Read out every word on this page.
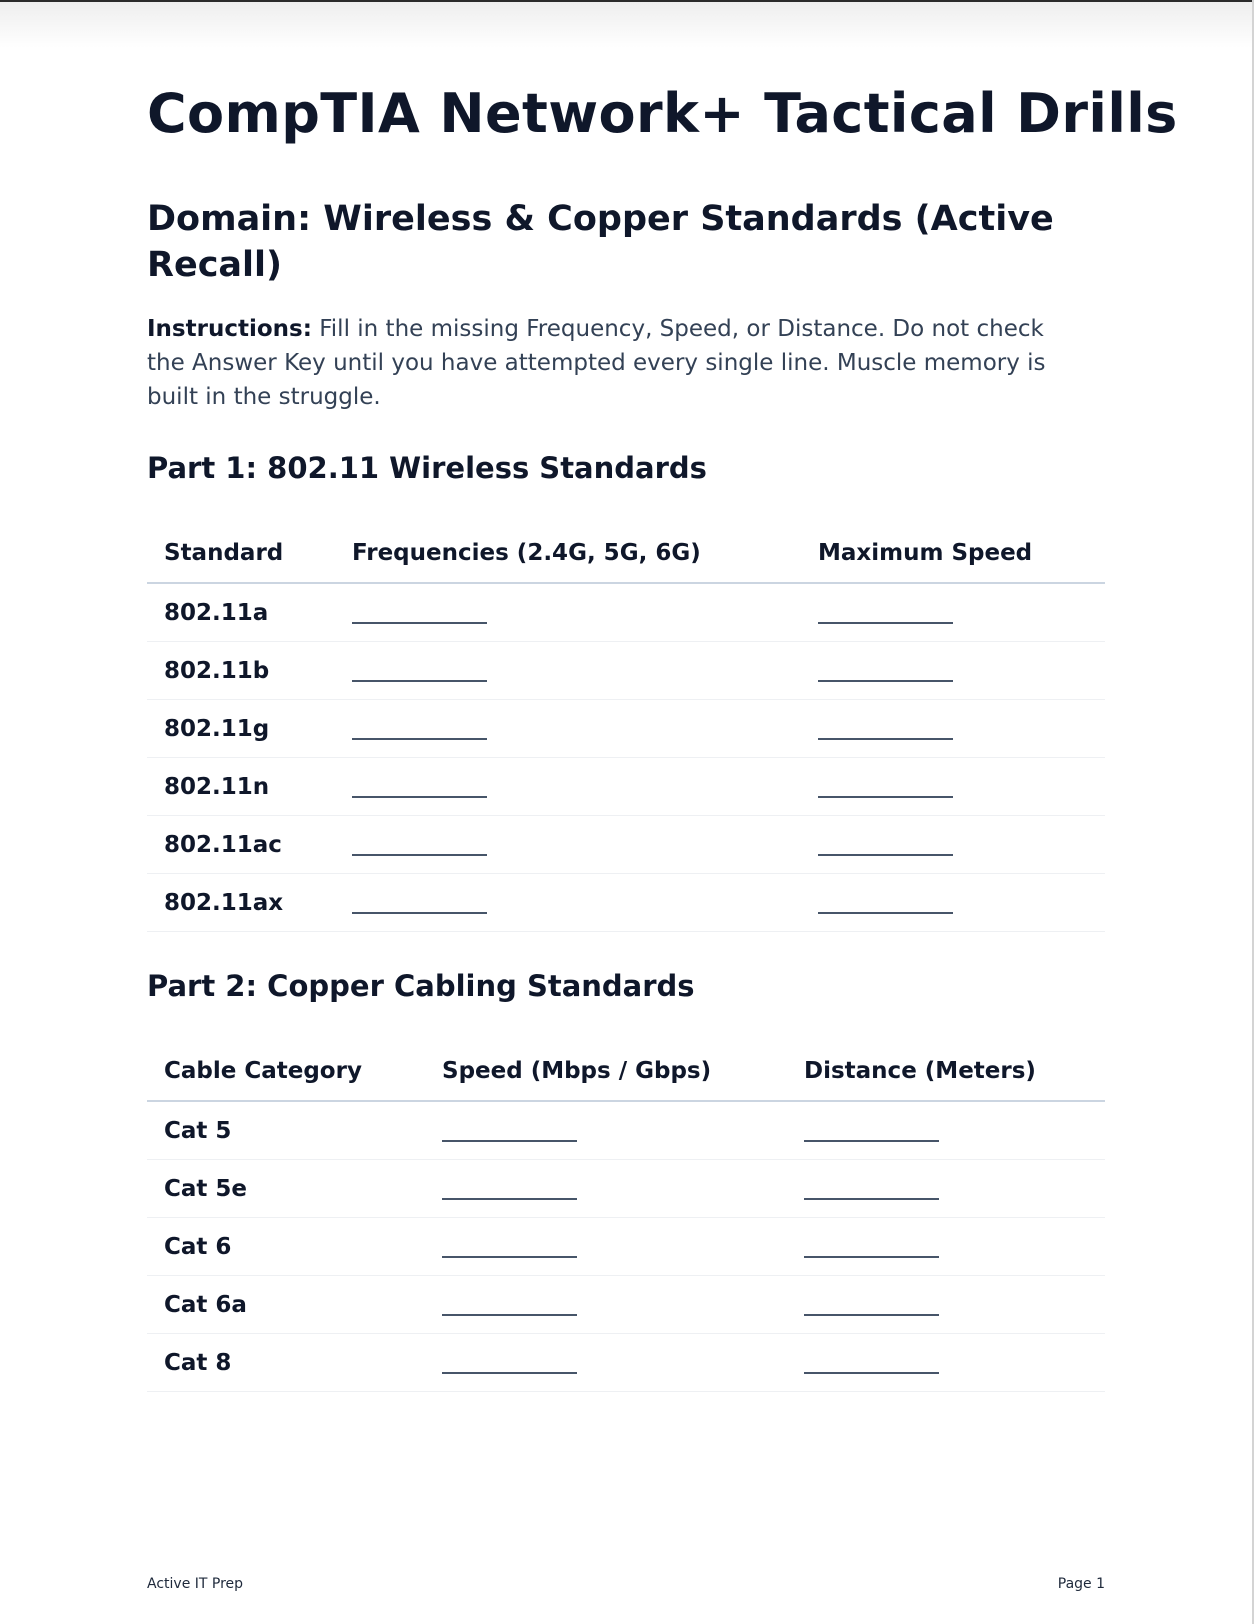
CompTIA Network+ Tactical Drills
Domain: Wireless & Copper Standards (Active Recall)

Instructions: Fill in the missing Frequency, Speed, or Distance. Do not check the Answer Key until you have attempted every single line. Muscle memory is built in the struggle.

Part 1: 802.11 Wireless Standards
Standard	Frequencies (2.4G, 5G, 6G)	Maximum Speed
802.11a		
802.11b		
802.11g		
802.11n		
802.11ac		
802.11ax		
Part 2: Copper Cabling Standards
Cable Category	Speed (Mbps / Gbps)	Distance (Meters)
Cat 5		
Cat 5e		
Cat 6		
Cat 6a		
Cat 8		
Active IT Prep	Page 1
